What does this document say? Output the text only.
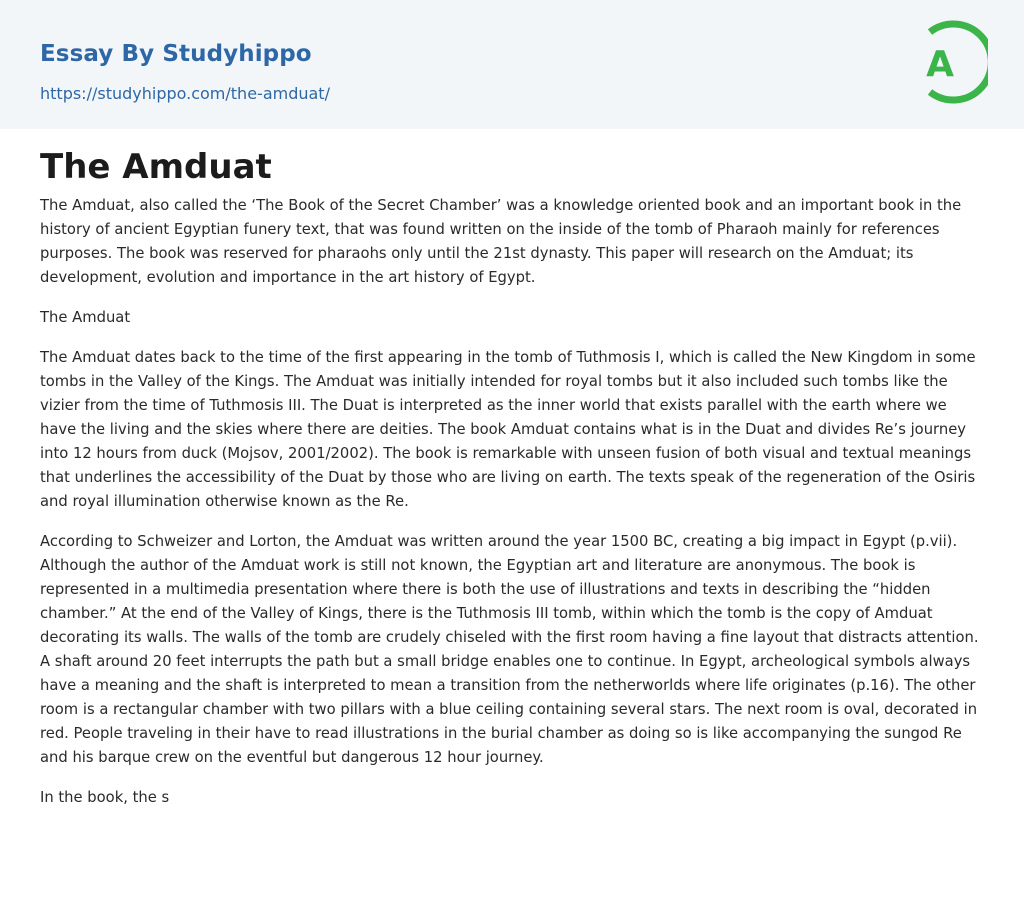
Essay By Studyhippo
https://studyhippo.com/the-amduat/
A
The Amduat

The Amduat, also called the ‘The Book of the Secret Chamber’ was a knowledge oriented book and an important book in the history of ancient Egyptian funery text, that was found written on the inside of the tomb of Pharaoh mainly for references purposes. The book was reserved for pharaohs only until the 21st dynasty. This paper will research on the Amduat; its development, evolution and importance in the art history of Egypt.

The Amduat

The Amduat dates back to the time of the first appearing in the tomb of Tuthmosis I, which is called the New Kingdom in some tombs in the Valley of the Kings. The Amduat was initially intended for royal tombs but it also included such tombs like the vizier from the time of Tuthmosis III. The Duat is interpreted as the inner world that exists parallel with the earth where we have the living and the skies where there are deities. The book Amduat contains what is in the Duat and divides Re’s journey into 12 hours from duck (Mojsov, 2001/2002). The book is remarkable with unseen fusion of both visual and textual meanings that underlines the accessibility of the Duat by those who are living on earth. The texts speak of the regeneration of the Osiris and royal illumination otherwise known as the Re.

According to Schweizer and Lorton, the Amduat was written around the year 1500 BC, creating a big impact in Egypt (p.vii). Although the author of the Amduat work is still not known, the Egyptian art and literature are anonymous. The book is represented in a multimedia presentation where there is both the use of illustrations and texts in describing the “hidden chamber.” At the end of the Valley of Kings, there is the Tuthmosis III tomb, within which the tomb is the copy of Amduat decorating its walls. The walls of the tomb are crudely chiseled with the first room having a fine layout that distracts attention. A shaft around 20 feet interrupts the path but a small bridge enables one to continue. In Egypt, archeological symbols always have a meaning and the shaft is interpreted to mean a transition from the netherworlds where life originates (p.16). The other room is a rectangular chamber with two pillars with a blue ceiling containing several stars. The next room is oval, decorated in red. People traveling in their have to read illustrations in the burial chamber as doing so is like accompanying the sungod Re and his barque crew on the eventful but dangerous 12 hour journey.

In the book, the s
